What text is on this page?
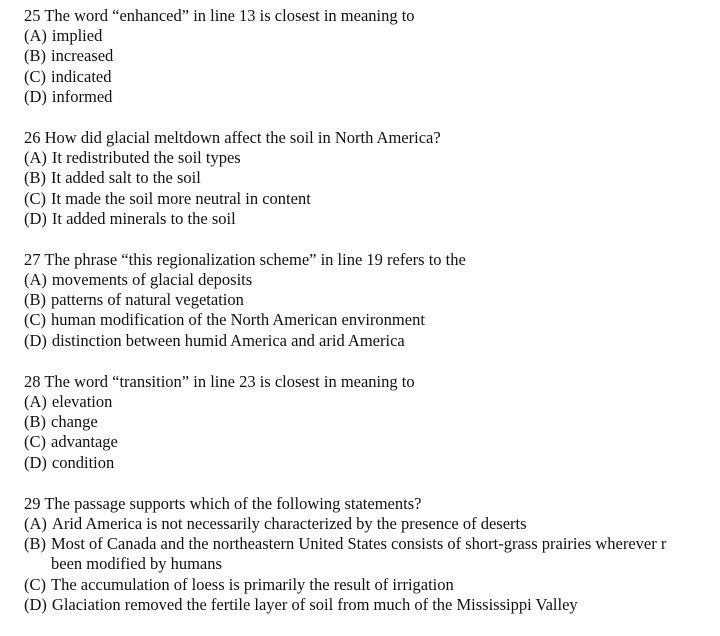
25 The word “enhanced” in line 13 is closest in meaning to
(A) implied
(B) increased
(C) indicated
(D) informed
26 How did glacial meltdown affect the soil in North America?
(A) It redistributed the soil types
(B) It added salt to the soil
(C) It made the soil more neutral in content
(D) It added minerals to the soil
27 The phrase “this regionalization scheme” in line 19 refers to the
(A) movements of glacial deposits
(B) patterns of natural vegetation
(C) human modification of the North American environment
(D) distinction between humid America and arid America
28 The word “transition” in line 23 is closest in meaning to
(A) elevation
(B) change
(C) advantage
(D) condition
29 The passage supports which of the following statements?
(A) Arid America is not necessarily characterized by the presence of deserts
(B) Most of Canada and the northeastern United States consists of short-grass prairies wherever r
been modified by humans
(C) The accumulation of loess is primarily the result of irrigation
(D) Glaciation removed the fertile layer of soil from much of the Mississippi Valley
